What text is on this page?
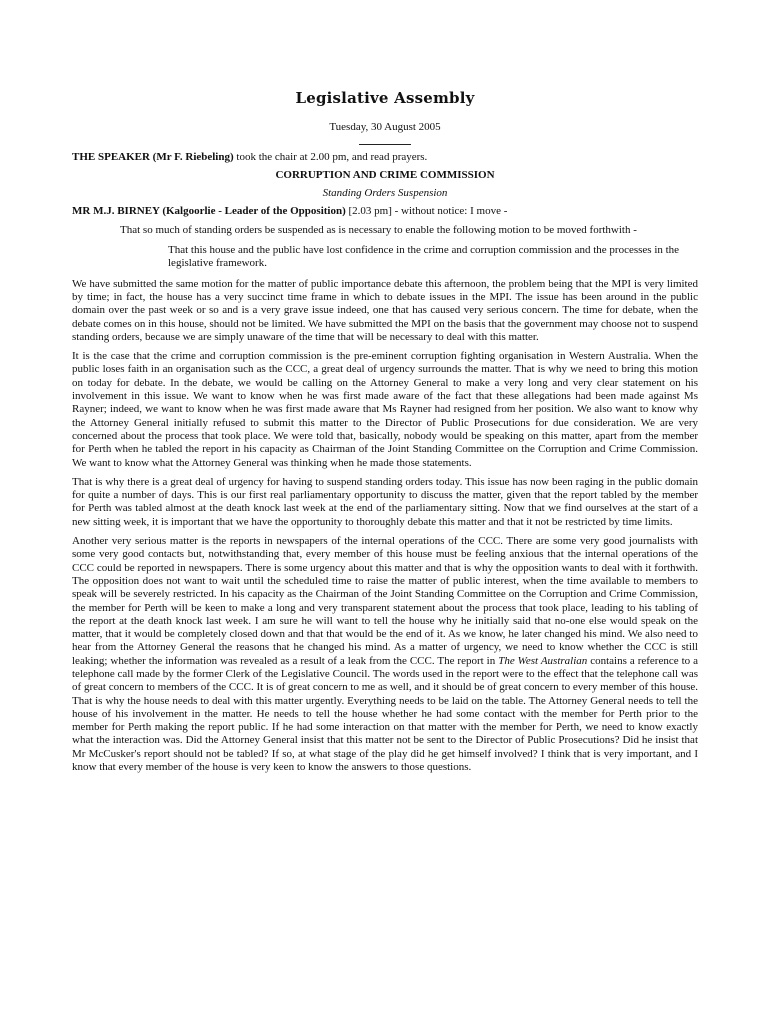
Legislative Assembly
Tuesday, 30 August 2005

THE SPEAKER (Mr F. Riebeling) took the chair at 2.00 pm, and read prayers.

CORRUPTION AND CRIME COMMISSION

Standing Orders Suspension

MR M.J. BIRNEY (Kalgoorlie - Leader of the Opposition) [2.03 pm] - without notice: I move -

That so much of standing orders be suspended as is necessary to enable the following motion to be moved forthwith -

That this house and the public have lost confidence in the crime and corruption commission and the processes in the legislative framework.

We have submitted the same motion for the matter of public importance debate this afternoon, the problem being that the MPI is very limited by time; in fact, the house has a very succinct time frame in which to debate issues in the MPI. The issue has been around in the public domain over the past week or so and is a very grave issue indeed, one that has caused very serious concern. The time for debate, when the debate comes on in this house, should not be limited. We have submitted the MPI on the basis that the government may choose not to suspend standing orders, because we are simply unaware of the time that will be necessary to deal with this matter.

It is the case that the crime and corruption commission is the pre-eminent corruption fighting organisation in Western Australia. When the public loses faith in an organisation such as the CCC, a great deal of urgency surrounds the matter. That is why we need to bring this motion on today for debate. In the debate, we would be calling on the Attorney General to make a very long and very clear statement on his involvement in this issue. We want to know when he was first made aware of the fact that these allegations had been made against Ms Rayner; indeed, we want to know when he was first made aware that Ms Rayner had resigned from her position. We also want to know why the Attorney General initially refused to submit this matter to the Director of Public Prosecutions for due consideration. We are very concerned about the process that took place. We were told that, basically, nobody would be speaking on this matter, apart from the member for Perth when he tabled the report in his capacity as Chairman of the Joint Standing Committee on the Corruption and Crime Commission. We want to know what the Attorney General was thinking when he made those statements.

That is why there is a great deal of urgency for having to suspend standing orders today. This issue has now been raging in the public domain for quite a number of days. This is our first real parliamentary opportunity to discuss the matter, given that the report tabled by the member for Perth was tabled almost at the death knock last week at the end of the parliamentary sitting. Now that we find ourselves at the start of a new sitting week, it is important that we have the opportunity to thoroughly debate this matter and that it not be restricted by time limits.

Another very serious matter is the reports in newspapers of the internal operations of the CCC. There are some very good journalists with some very good contacts but, notwithstanding that, every member of this house must be feeling anxious that the internal operations of the CCC could be reported in newspapers. There is some urgency about this matter and that is why the opposition wants to deal with it forthwith. The opposition does not want to wait until the scheduled time to raise the matter of public interest, when the time available to members to speak will be severely restricted. In his capacity as the Chairman of the Joint Standing Committee on the Corruption and Crime Commission, the member for Perth will be keen to make a long and very transparent statement about the process that took place, leading to his tabling of the report at the death knock last week. I am sure he will want to tell the house why he initially said that no-one else would speak on the matter, that it would be completely closed down and that that would be the end of it. As we know, he later changed his mind. We also need to hear from the Attorney General the reasons that he changed his mind. As a matter of urgency, we need to know whether the CCC is still leaking; whether the information was revealed as a result of a leak from the CCC. The report in The West Australian contains a reference to a telephone call made by the former Clerk of the Legislative Council. The words used in the report were to the effect that the telephone call was of great concern to members of the CCC. It is of great concern to me as well, and it should be of great concern to every member of this house. That is why the house needs to deal with this matter urgently. Everything needs to be laid on the table. The Attorney General needs to tell the house of his involvement in the matter. He needs to tell the house whether he had some contact with the member for Perth prior to the member for Perth making the report public. If he had some interaction on that matter with the member for Perth, we need to know exactly what the interaction was. Did the Attorney General insist that this matter not be sent to the Director of Public Prosecutions? Did he insist that Mr McCusker's report should not be tabled? If so, at what stage of the play did he get himself involved? I think that is very important, and I know that every member of the house is very keen to know the answers to those questions.
